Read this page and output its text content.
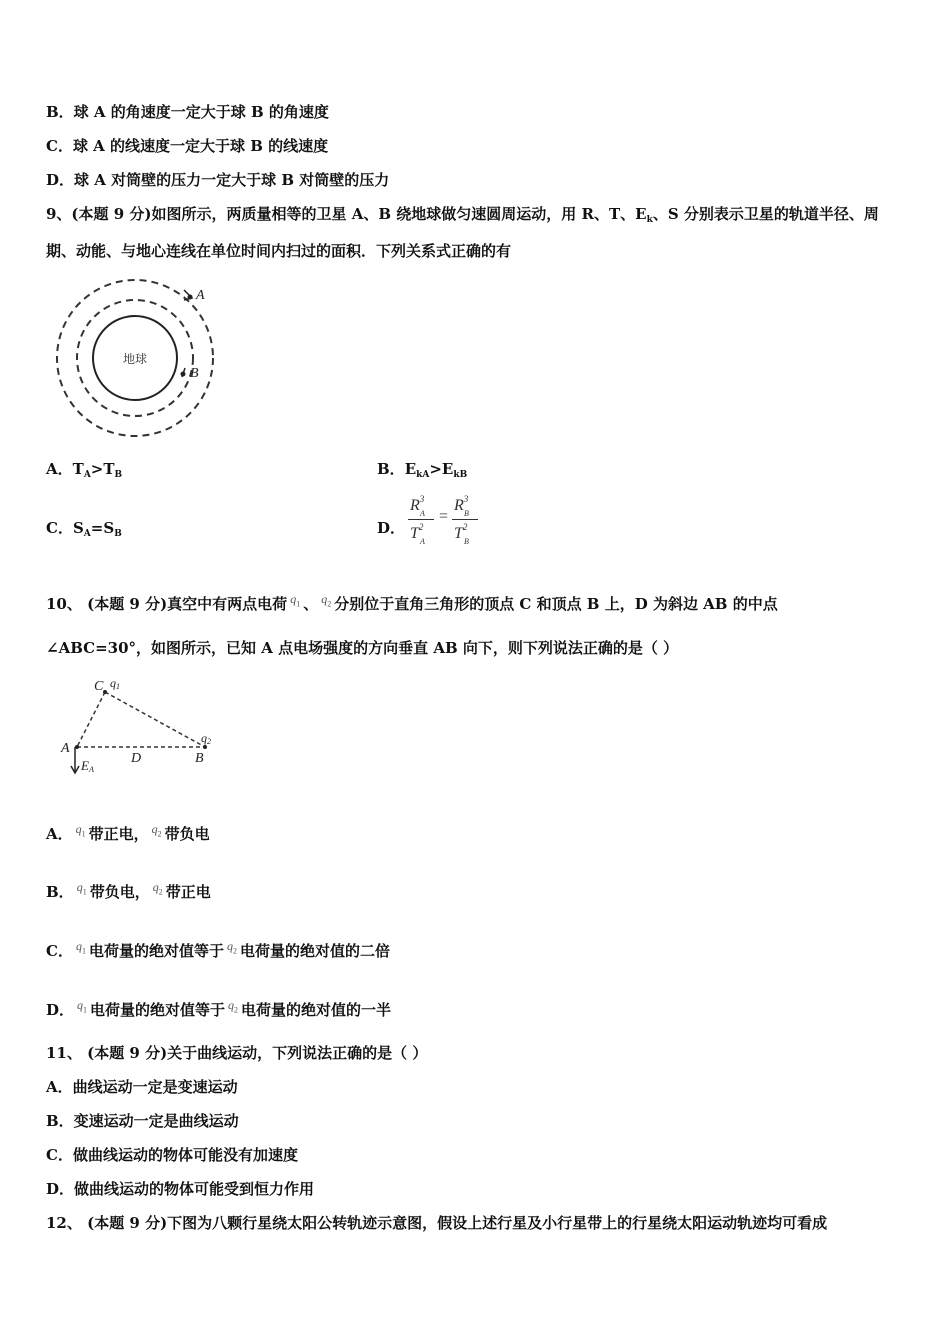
B．球 A 的角速度一定大于球 B 的角速度
C．球 A 的线速度一定大于球 B 的线速度
D．球 A 对筒壁的压力一定大于球 B 对筒壁的压力
9、(本题 9 分)如图所示，两质量相等的卫星 A、B 绕地球做匀速圆周运动，用 R、T、$E_k$、S 分别表示卫星的轨道半径、周
期、动能、与地心连线在单位时间内扫过的面积．下列关系式正确的有
地球
A
B
A．$T_A>T_B$	B．$E_{kA}>E_{kB}$
C．$S_A=S_B$	D．
$R^3$
A
$T^2$
A
=
$R^3$
B
$T^2$
B
10、 (本题 9 分)真空中有两点电荷 $^{q_1}$ 、 $^{q_2}$ 分别位于直角三角形的顶点 C 和顶点 B 上，D 为斜边 AB 的中点
∠ABC=30°，如图所示，已知 A 点电场强度的方向垂直 AB 向下，则下列说法正确的是（ ）
C q1
A
D	B
q2
EA
A． $^{q_1}$ 带正电， $^{q_2}$ 带负电
B． $^{q_1}$ 带负电， $^{q_2}$ 带正电
C． $^{q_1}$ 电荷量的绝对值等于 $^{q_2}$ 电荷量的绝对值的二倍
D． $^{q_1}$ 电荷量的绝对值等于 $^{q_2}$ 电荷量的绝对值的一半
11、 (本题 9 分)关于曲线运动，下列说法正确的是（ ）
A．曲线运动一定是变速运动
B．变速运动一定是曲线运动
C．做曲线运动的物体可能没有加速度
D．做曲线运动的物体可能受到恒力作用
12、 (本题 9 分)下图为八颗行星绕太阳公转轨迹示意图，假设上述行星及小行星带上的行星绕太阳运动轨迹均可看成
